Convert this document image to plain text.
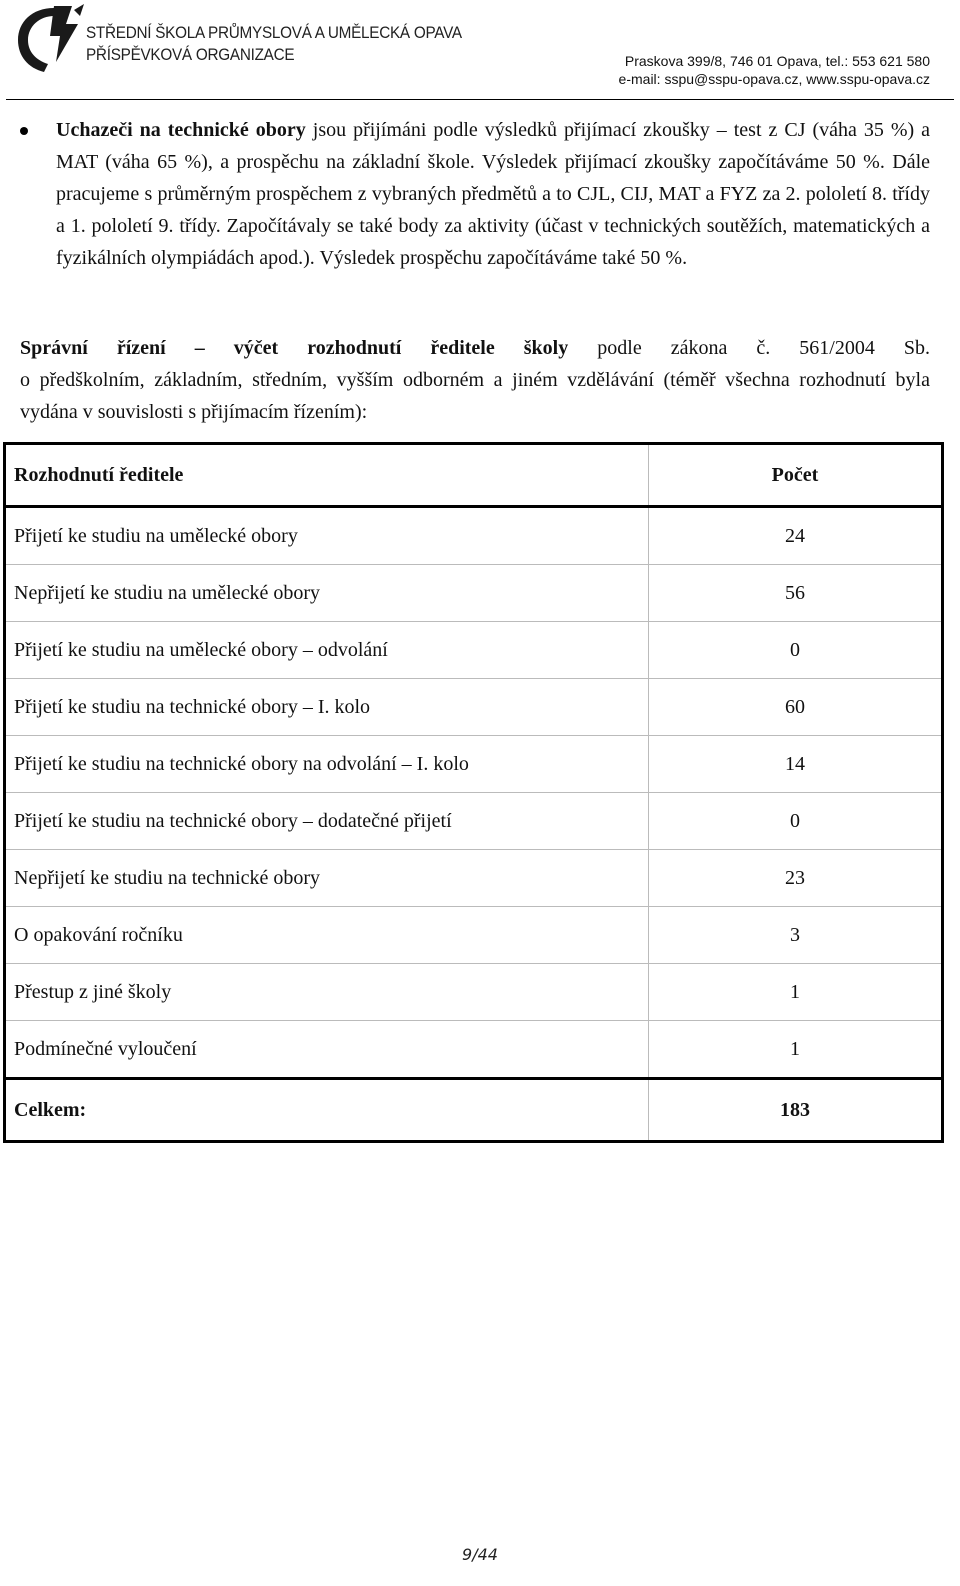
STŘEDNÍ ŠKOLA PRŮMYSLOVÁ A UMĚLECKÁ OPAVA
PŘÍSPĚVKOVÁ ORGANIZACE	Praskova 399/8, 746 01 Opava, tel.: 553 621 580
e-mail: sspu@sspu-opava.cz, www.sspu-opava.cz
Uchazeči na technické obory jsou přijímáni podle výsledků přijímací zkoušky – test z CJ (váha 35 %) a MAT (váha 65 %), a prospěchu na základní škole. Výsledek přijímací zkoušky započítáváme 50 %. Dále pracujeme s průměrným prospěchem z vybraných předmětů a to CJL, CIJ, MAT a FYZ za 2. pololetí 8. třídy a 1. pololetí 9. třídy. Započítávaly se také body za aktivity (účast v technických soutěžích, matematických a fyzikálních olympiádách apod.). Výsledek prospěchu započítáváme také 50 %.
Správní řízení – výčet rozhodnutí ředitele školy podle zákona č. 561/2004 Sb.
o předškolním, základním, středním, vyšším odborném a jiném vzdělávání (téměř všechna rozhodnutí byla vydána v souvislosti s přijímacím řízením):
Rozhodnutí ředitele	Počet
Přijetí ke studiu na umělecké obory	24
Nepřijetí ke studiu na umělecké obory	56
Přijetí ke studiu na umělecké obory – odvolání	0
Přijetí ke studiu na technické obory – I. kolo	60
Přijetí ke studiu na technické obory na odvolání – I. kolo	14
Přijetí ke studiu na technické obory – dodatečné přijetí	0
Nepřijetí ke studiu na technické obory	23
O opakování ročníku	3
Přestup z jiné školy	1
Podmínečné vyloučení	1
Celkem:	183
9/44
